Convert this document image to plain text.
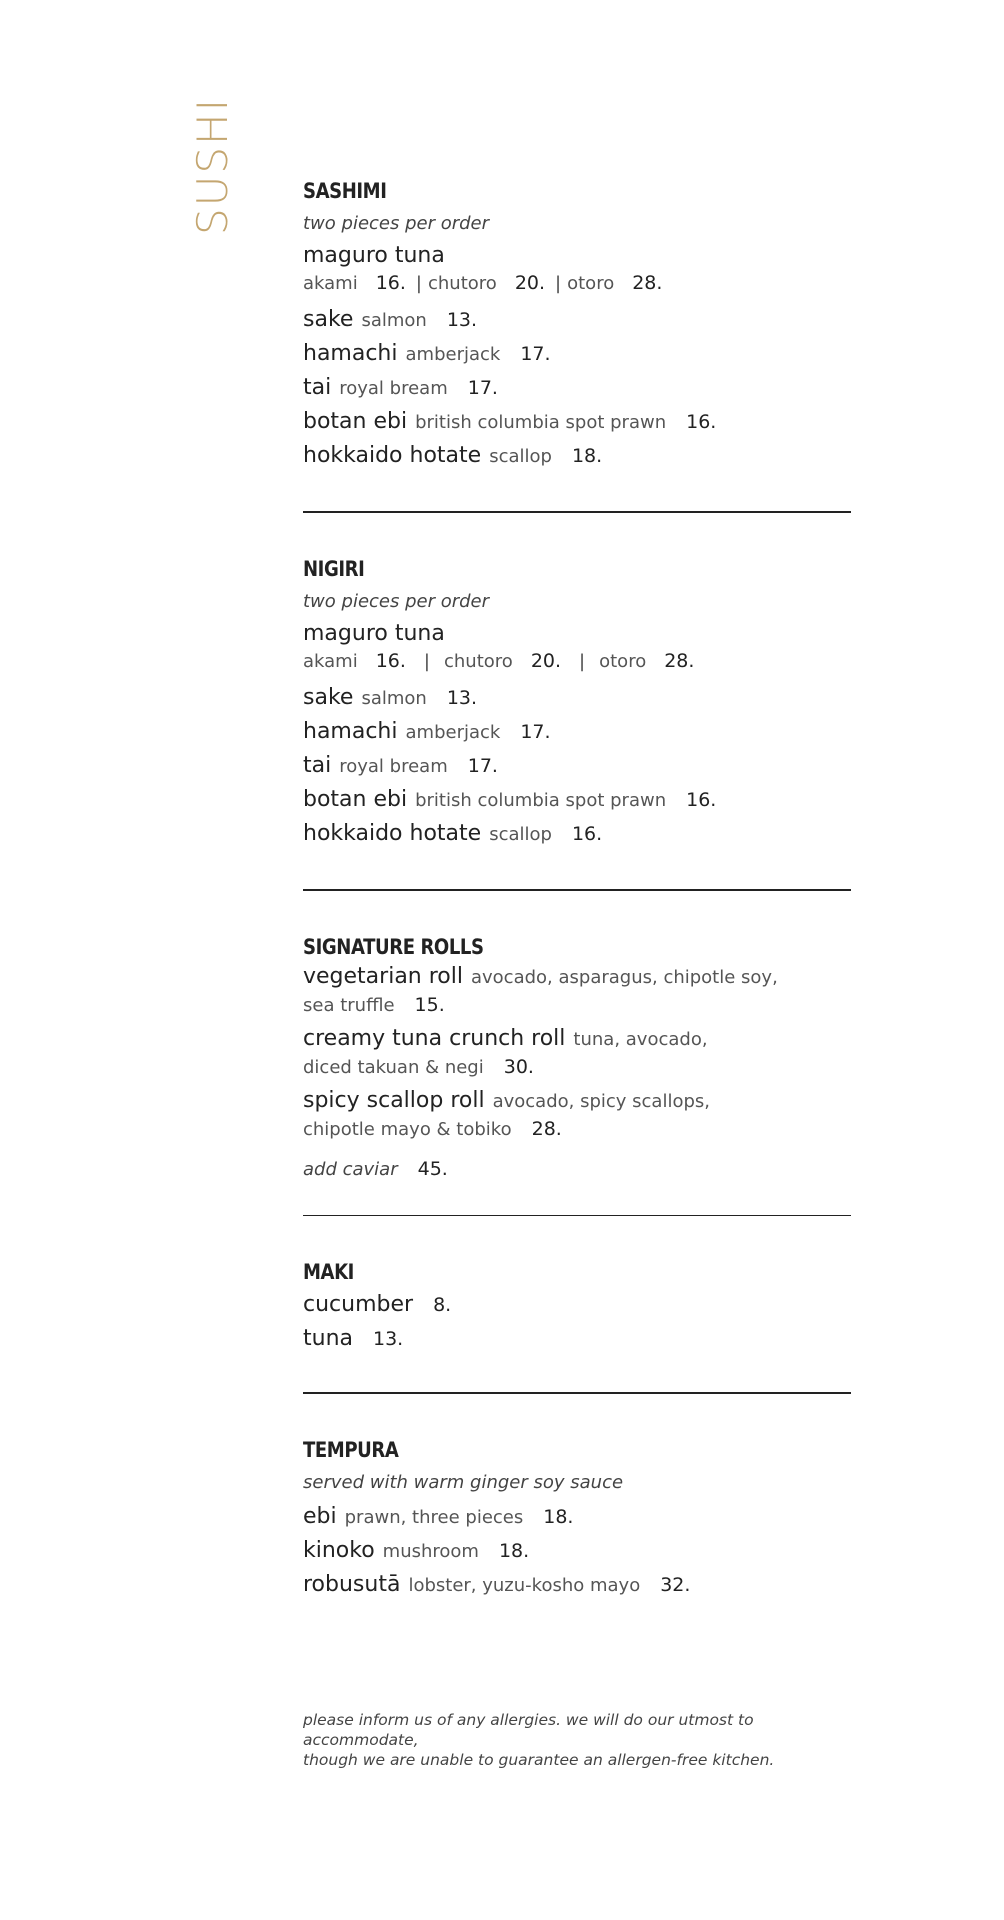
SUSHI	SASHIMI
two pieces per order
maguro tuna
akami 16. | chutoro 20. | otoro 28.
sake salmon 13.
hamachi amberjack 17.
tai royal bream 17.
botan ebi british columbia spot prawn 16.
hokkaido hotate scallop 18.
NIGIRI
two pieces per order
maguro tuna
akami 16. | chutoro 20. | otoro 28.
sake salmon 13.
hamachi amberjack 17.
tai royal bream 17.
botan ebi british columbia spot prawn 16.
hokkaido hotate scallop 16.
SIGNATURE ROLLS
vegetarian roll avocado, asparagus, chipotle soy,
sea truffle 15.
creamy tuna crunch roll tuna, avocado,
diced takuan & negi 30.
spicy scallop roll avocado, spicy scallops,
chipotle mayo & tobiko 28.
add caviar 45.
MAKI
cucumber 8.
tuna 13.
TEMPURA
served with warm ginger soy sauce
ebi prawn, three pieces 18.
kinoko mushroom 18.
robusutā lobster, yuzu-kosho mayo 32.
please inform us of any allergies. we will do our utmost to accommodate,
though we are unable to guarantee an allergen-free kitchen.
